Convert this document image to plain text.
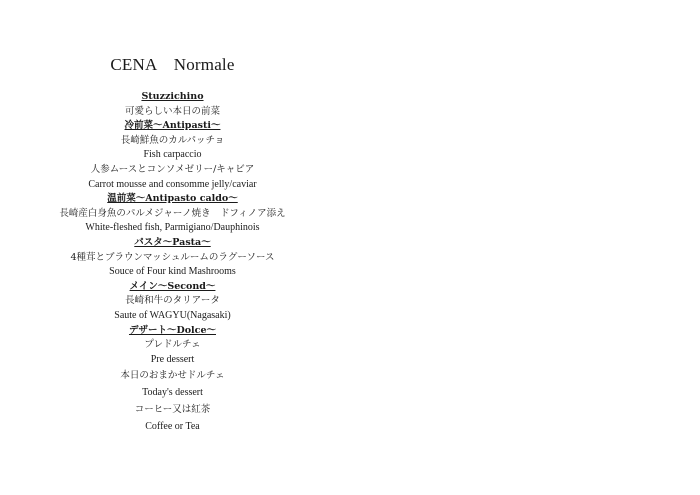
CENA　Normale
Stuzzichino
可愛らしい本日の前菜
冷前菜～Antipasti～
長崎鮮魚のカルパッチョ
Fish carpaccio
人参ムースとコンソメゼリー/キャビア
Carrot mousse and consomme jelly/caviar
温前菜～Antipasto caldo～
長崎産白身魚のパルメジャーノ焼き　ドフィノア添え
White-fleshed fish, Parmigiano/Dauphinois
パスタ～Pasta～
4種茸とブラウンマッシュルームのラグーソース
Souce of Four kind Mashrooms
メイン～Second～
長崎和牛のタリアータ
Saute of WAGYU(Nagasaki)
デザート～Dolce～
プレドルチェ
Pre dessert
本日のおまかせドルチェ
Today's dessert
コーヒー又は紅茶
Coffee or Tea
